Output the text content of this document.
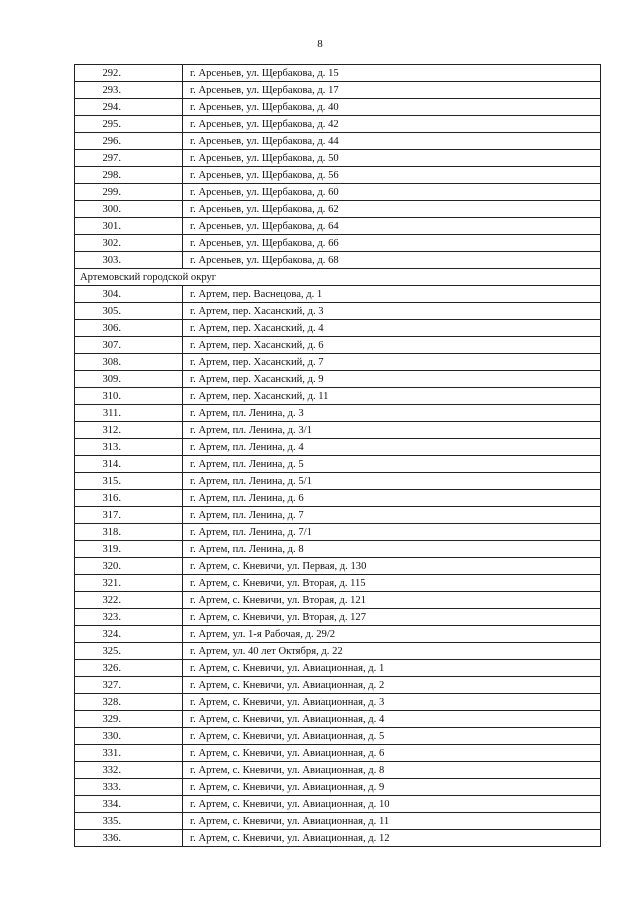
8
292.	г. Арсеньев, ул. Щербакова, д. 15
293.	г. Арсеньев, ул. Щербакова, д. 17
294.	г. Арсеньев, ул. Щербакова, д. 40
295.	г. Арсеньев, ул. Щербакова, д. 42
296.	г. Арсеньев, ул. Щербакова, д. 44
297.	г. Арсеньев, ул. Щербакова, д. 50
298.	г. Арсеньев, ул. Щербакова, д. 56
299.	г. Арсеньев, ул. Щербакова, д. 60
300.	г. Арсеньев, ул. Щербакова, д. 62
301.	г. Арсеньев, ул. Щербакова, д. 64
302.	г. Арсеньев, ул. Щербакова, д. 66
303.	г. Арсеньев, ул. Щербакова, д. 68
Артемовский городской округ	
304.	г. Артем, пер. Васнецова, д. 1
305.	г. Артем, пер. Хасанский, д. 3
306.	г. Артем, пер. Хасанский, д. 4
307.	г. Артем, пер. Хасанский, д. 6
308.	г. Артем, пер. Хасанский, д. 7
309.	г. Артем, пер. Хасанский, д. 9
310.	г. Артем, пер. Хасанский, д. 11
311.	г. Артем, пл. Ленина, д. 3
312.	г. Артем, пл. Ленина, д. 3/1
313.	г. Артем, пл. Ленина, д. 4
314.	г. Артем, пл. Ленина, д. 5
315.	г. Артем, пл. Ленина, д. 5/1
316.	г. Артем, пл. Ленина, д. 6
317.	г. Артем, пл. Ленина, д. 7
318.	г. Артем, пл. Ленина, д. 7/1
319.	г. Артем, пл. Ленина, д. 8
320.	г. Артем, с. Кневичи, ул. Первая, д. 130
321.	г. Артем, с. Кневичи, ул. Вторая, д. 115
322.	г. Артем, с. Кневичи, ул. Вторая, д. 121
323.	г. Артем, с. Кневичи, ул. Вторая, д. 127
324.	г. Артем, ул. 1-я Рабочая, д. 29/2
325.	г. Артем, ул. 40 лет Октября, д. 22
326.	г. Артем, с. Кневичи, ул. Авиационная, д. 1
327.	г. Артем, с. Кневичи, ул. Авиационная, д. 2
328.	г. Артем, с. Кневичи, ул. Авиационная, д. 3
329.	г. Артем, с. Кневичи, ул. Авиационная, д. 4
330.	г. Артем, с. Кневичи, ул. Авиационная, д. 5
331.	г. Артем, с. Кневичи, ул. Авиационная, д. 6
332.	г. Артем, с. Кневичи, ул. Авиационная, д. 8
333.	г. Артем, с. Кневичи, ул. Авиационная, д. 9
334.	г. Артем, с. Кневичи, ул. Авиационная, д. 10
335.	г. Артем, с. Кневичи, ул. Авиационная, д. 11
336.	г. Артем, с. Кневичи, ул. Авиационная, д. 12
